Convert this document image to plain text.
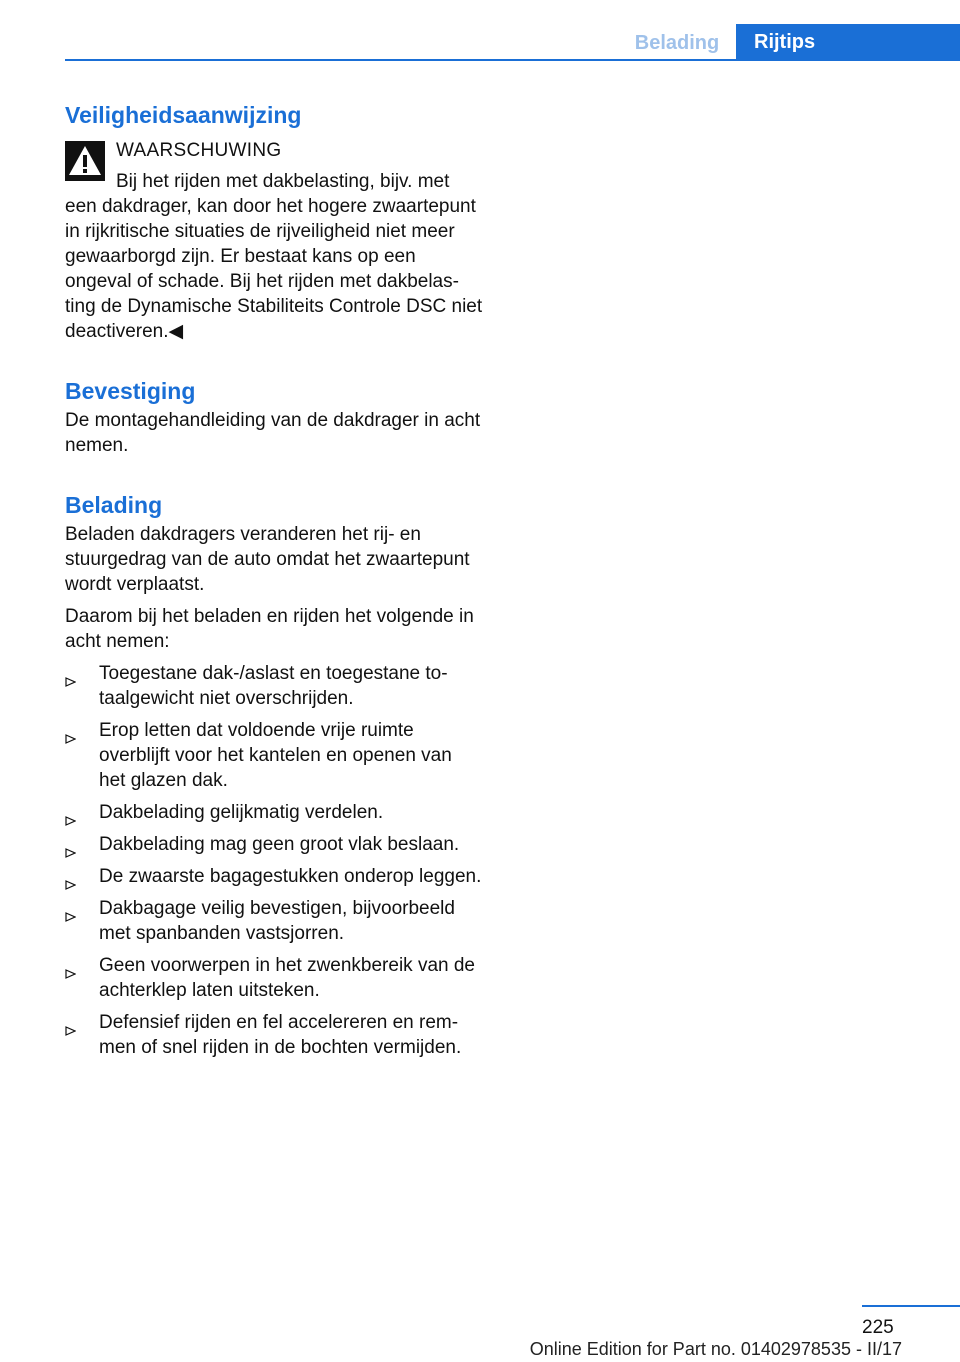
Belading	Rijtips
Veiligheidsaanwijzing

WAARSCHUWING

Bij het rijden met dakbelasting, bijv. met een dakdrager, kan door het hogere zwaartepunt in rijkritische situaties de rijveiligheid niet meer gewaarborgd zijn. Er bestaat kans op een ongeval of schade. Bij het rijden met dakbelasting de Dynamische Stabiliteits Controle DSC niet deactiveren.◀

Bevestiging

De montagehandleiding van de dakdrager in acht nemen.

Belading

Beladen dakdragers veranderen het rij- en stuurgedrag van de auto omdat het zwaartepunt wordt verplaatst.

Daarom bij het beladen en rijden het volgende in acht nemen:

Toegestane dak-/aslast en toegestane totaalgewicht niet overschrijden.
Erop letten dat voldoende vrije ruimte overblijft voor het kantelen en openen van het glazen dak.
Dakbelading gelijkmatig verdelen.
Dakbelading mag geen groot vlak beslaan.
De zwaarste bagagestukken onderop leggen.
Dakbagage veilig bevestigen, bijvoorbeeld met spanbanden vastsjorren.
Geen voorwerpen in het zwenkbereik van de achterklep laten uitsteken.
Defensief rijden en fel accelereren en remmen of snel rijden in de bochten vermijden.
225
Online Edition for Part no. 01402978535 - II/17
